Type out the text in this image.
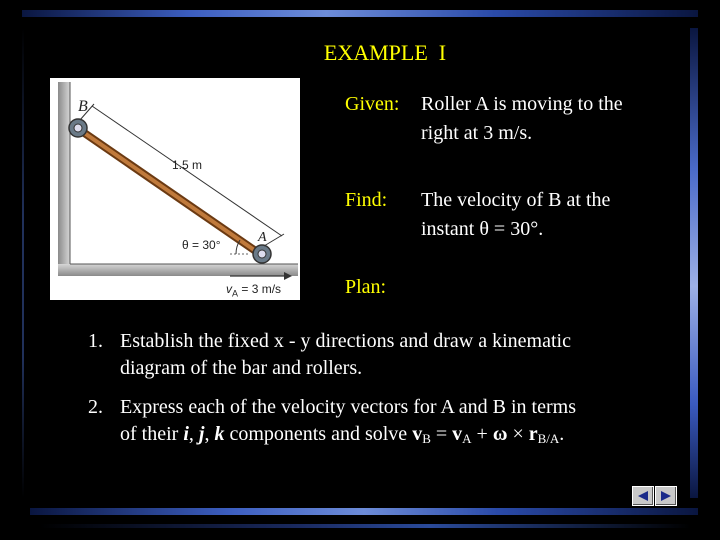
EXAMPLE  I
B
A
1.5 m
θ = 30°
$v_A = 3$ m/s
Given:	Roller A is moving to the
right at 3 m/s.
Find:	The velocity of B at the
instant θ = 30°.
Plan:
1. Establish the fixed x - y directions and draw a kinematic
diagram of the bar and rollers.
2. Express each of the velocity vectors for A and B in terms
of their i, j, k components and solve $v_B = v_A + \omega \times r_{B/A}$.
